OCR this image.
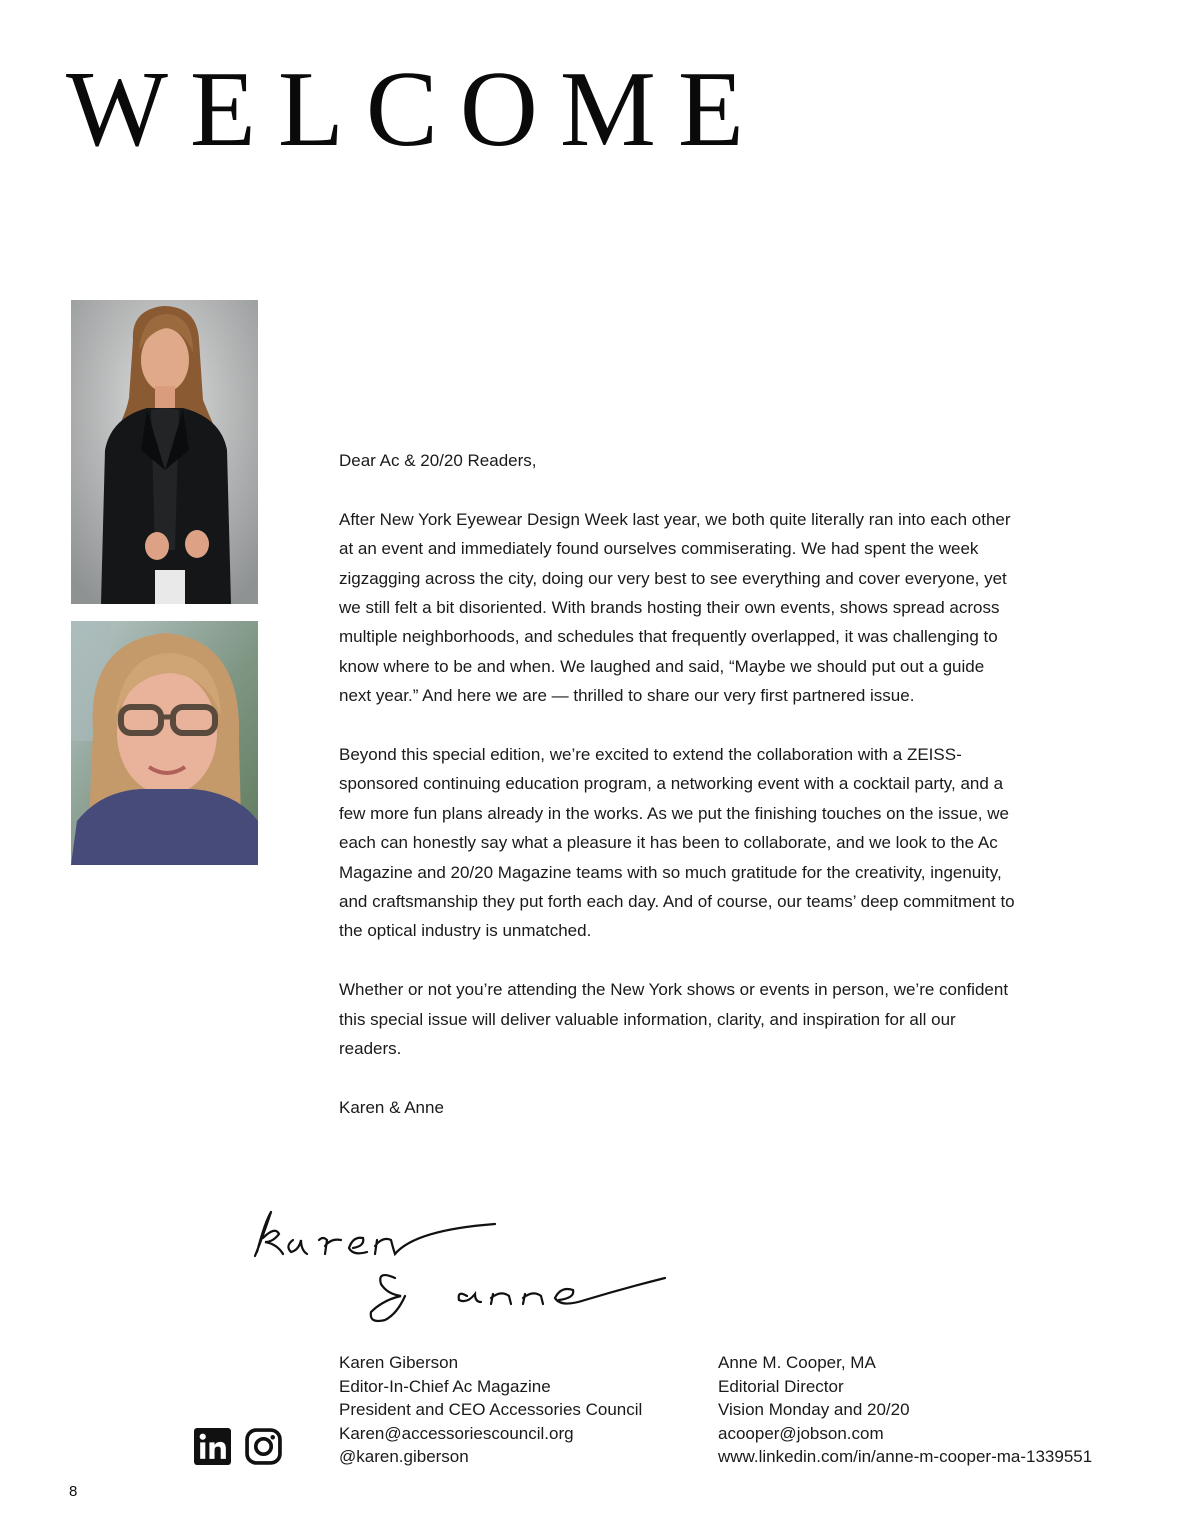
WELCOME

Dear Ac & 20/20 Readers,

After New York Eyewear Design Week last year, we both quite literally ran into each other at an event and immediately found ourselves commiserating. We had spent the week zigzagging across the city, doing our very best to see everything and cover everyone, yet we still felt a bit disoriented. With brands hosting their own events, shows spread across multiple neighborhoods, and schedules that frequently overlapped, it was challenging to know where to be and when. We laughed and said, “Maybe we should put out a guide next year.” And here we are — thrilled to share our very first partnered issue.

Beyond this special edition, we’re excited to extend the collaboration with a ZEISS-sponsored continuing education program, a networking event with a cocktail party, and a few more fun plans already in the works. As we put the finishing touches on the issue, we each can honestly say what a pleasure it has been to collaborate, and we look to the Ac Magazine and 20/20 Magazine teams with so much gratitude for the creativity, ingenuity, and craftsmanship they put forth each day. And of course, our teams’ deep commitment to the optical industry is unmatched.

Whether or not you’re attending the New York shows or events in person, we’re confident this special issue will deliver valuable information, clarity, and inspiration for all our readers.

Karen & Anne

Karen Giberson
Editor-In-Chief Ac Magazine
President and CEO Accessories Council
Karen@accessoriescouncil.org
@karen.giberson
Anne M. Cooper, MA
Editorial Director
Vision Monday and 20/20
acooper@jobson.com
www.linkedin.com/in/anne-m-cooper-ma-1339551
8
